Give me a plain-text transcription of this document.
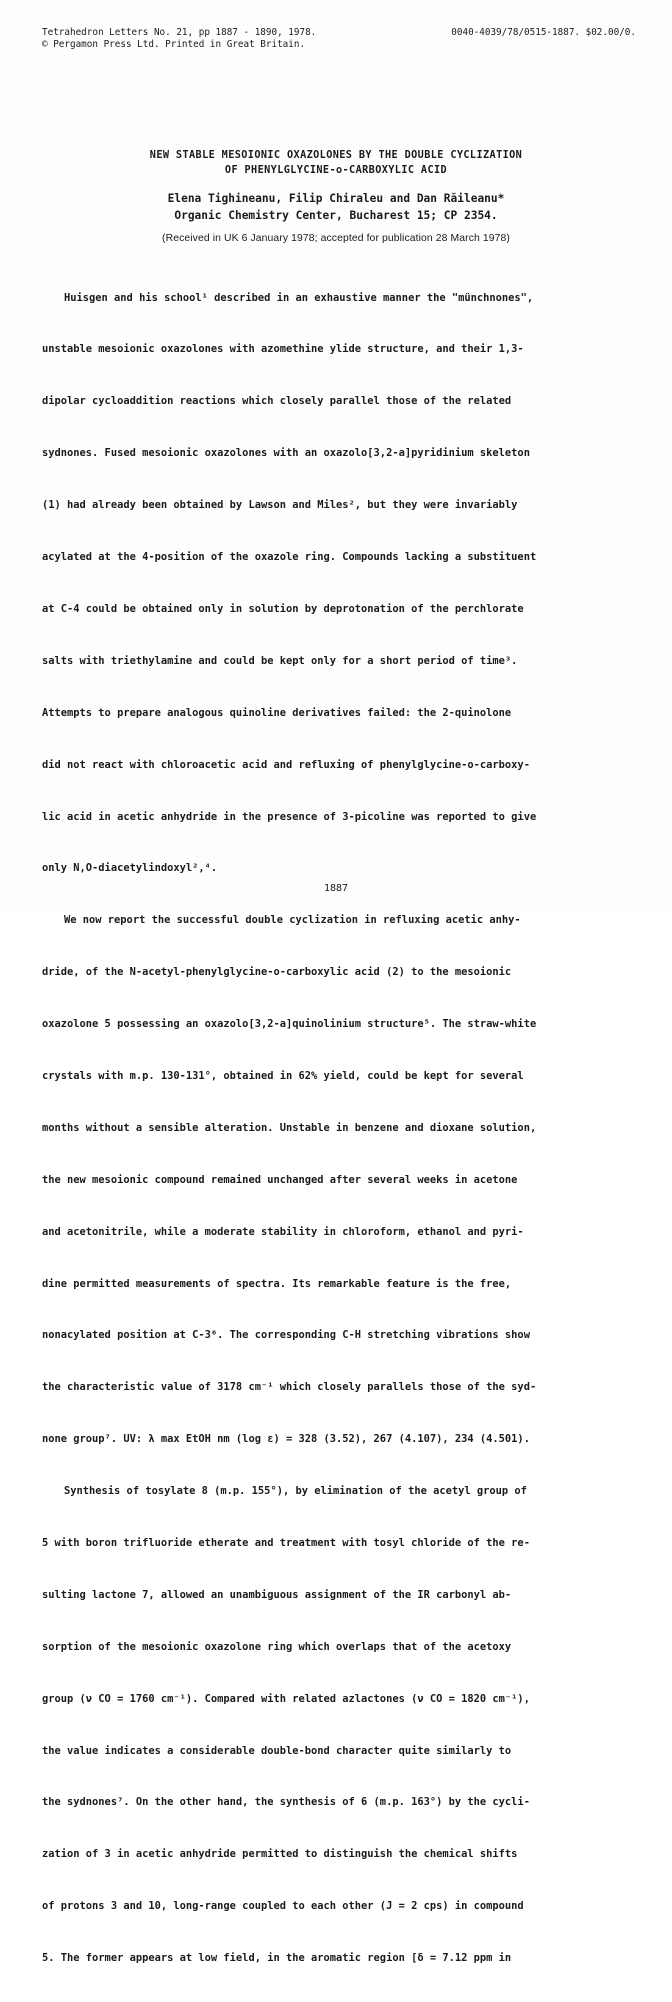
Tetrahedron Letters No. 21, pp 1887 - 1890, 1978.	0040-4039/78/0515-1887. $02.00/0.
© Pergamon Press Ltd. Printed in Great Britain.
NEW STABLE MESOIONIC OXAZOLONES BY THE DOUBLE CYCLIZATION
OF PHENYLGLYCINE-o-CARBOXYLIC ACID
Elena Tighineanu, Filip Chiraleu and Dan Răileanu*
Organic Chemistry Center, Bucharest 15; CP 2354.
(Received in UK 6 January 1978; accepted for publication 28 March 1978)

Huisgen and his school¹ described in an exhaustive manner the "münchnones",

unstable mesoionic oxazolones with azomethine ylide structure, and their 1,3-

dipolar cycloaddition reactions which closely parallel those of the related

sydnones. Fused mesoionic oxazolones with an oxazolo[3,2-a]pyridinium skeleton

(1) had already been obtained by Lawson and Miles², but they were invariably

acylated at the 4-position of the oxazole ring. Compounds lacking a substituent

at C-4 could be obtained only in solution by deprotonation of the perchlorate

salts with triethylamine and could be kept only for a short period of time³.

Attempts to prepare analogous quinoline derivatives failed: the 2-quinolone

did not react with chloroacetic acid and refluxing of phenylglycine-o-carboxy-

lic acid in acetic anhydride in the presence of 3-picoline was reported to give

only N,O-diacetylindoxyl²,⁴.

We now report the successful double cyclization in refluxing acetic anhy-

dride, of the N-acetyl-phenylglycine-o-carboxylic acid (2) to the mesoionic

oxazolone 5 possessing an oxazolo[3,2-a]quinolinium structure⁵. The straw-white

crystals with m.p. 130-131°, obtained in 62% yield, could be kept for several

months without a sensible alteration. Unstable in benzene and dioxane solution,

the new mesoionic compound remained unchanged after several weeks in acetone

and acetonitrile, while a moderate stability in chloroform, ethanol and pyri-

dine permitted measurements of spectra. Its remarkable feature is the free,

nonacylated position at C-3⁶. The corresponding C-H stretching vibrations show

the characteristic value of 3178 cm⁻¹ which closely parallels those of the syd-

none group⁷. UV: λ max EtOH nm (log ε) = 328 (3.52), 267 (4.107), 234 (4.501).

Synthesis of tosylate 8 (m.p. 155°), by elimination of the acetyl group of

5 with boron trifluoride etherate and treatment with tosyl chloride of the re-

sulting lactone 7, allowed an unambiguous assignment of the IR carbonyl ab-

sorption of the mesoionic oxazolone ring which overlaps that of the acetoxy

group (ν CO = 1760 cm⁻¹). Compared with related azlactones (ν CO = 1820 cm⁻¹),

the value indicates a considerable double-bond character quite similarly to

the sydnones⁷. On the other hand, the synthesis of 6 (m.p. 163°) by the cycli-

zation of 3 in acetic anhydride permitted to distinguish the chemical shifts

of protons 3 and 10, long-range coupled to each other (J = 2 cps) in compound

5. The former appears at low field, in the aromatic region [δ = 7.12 ppm in

1887
